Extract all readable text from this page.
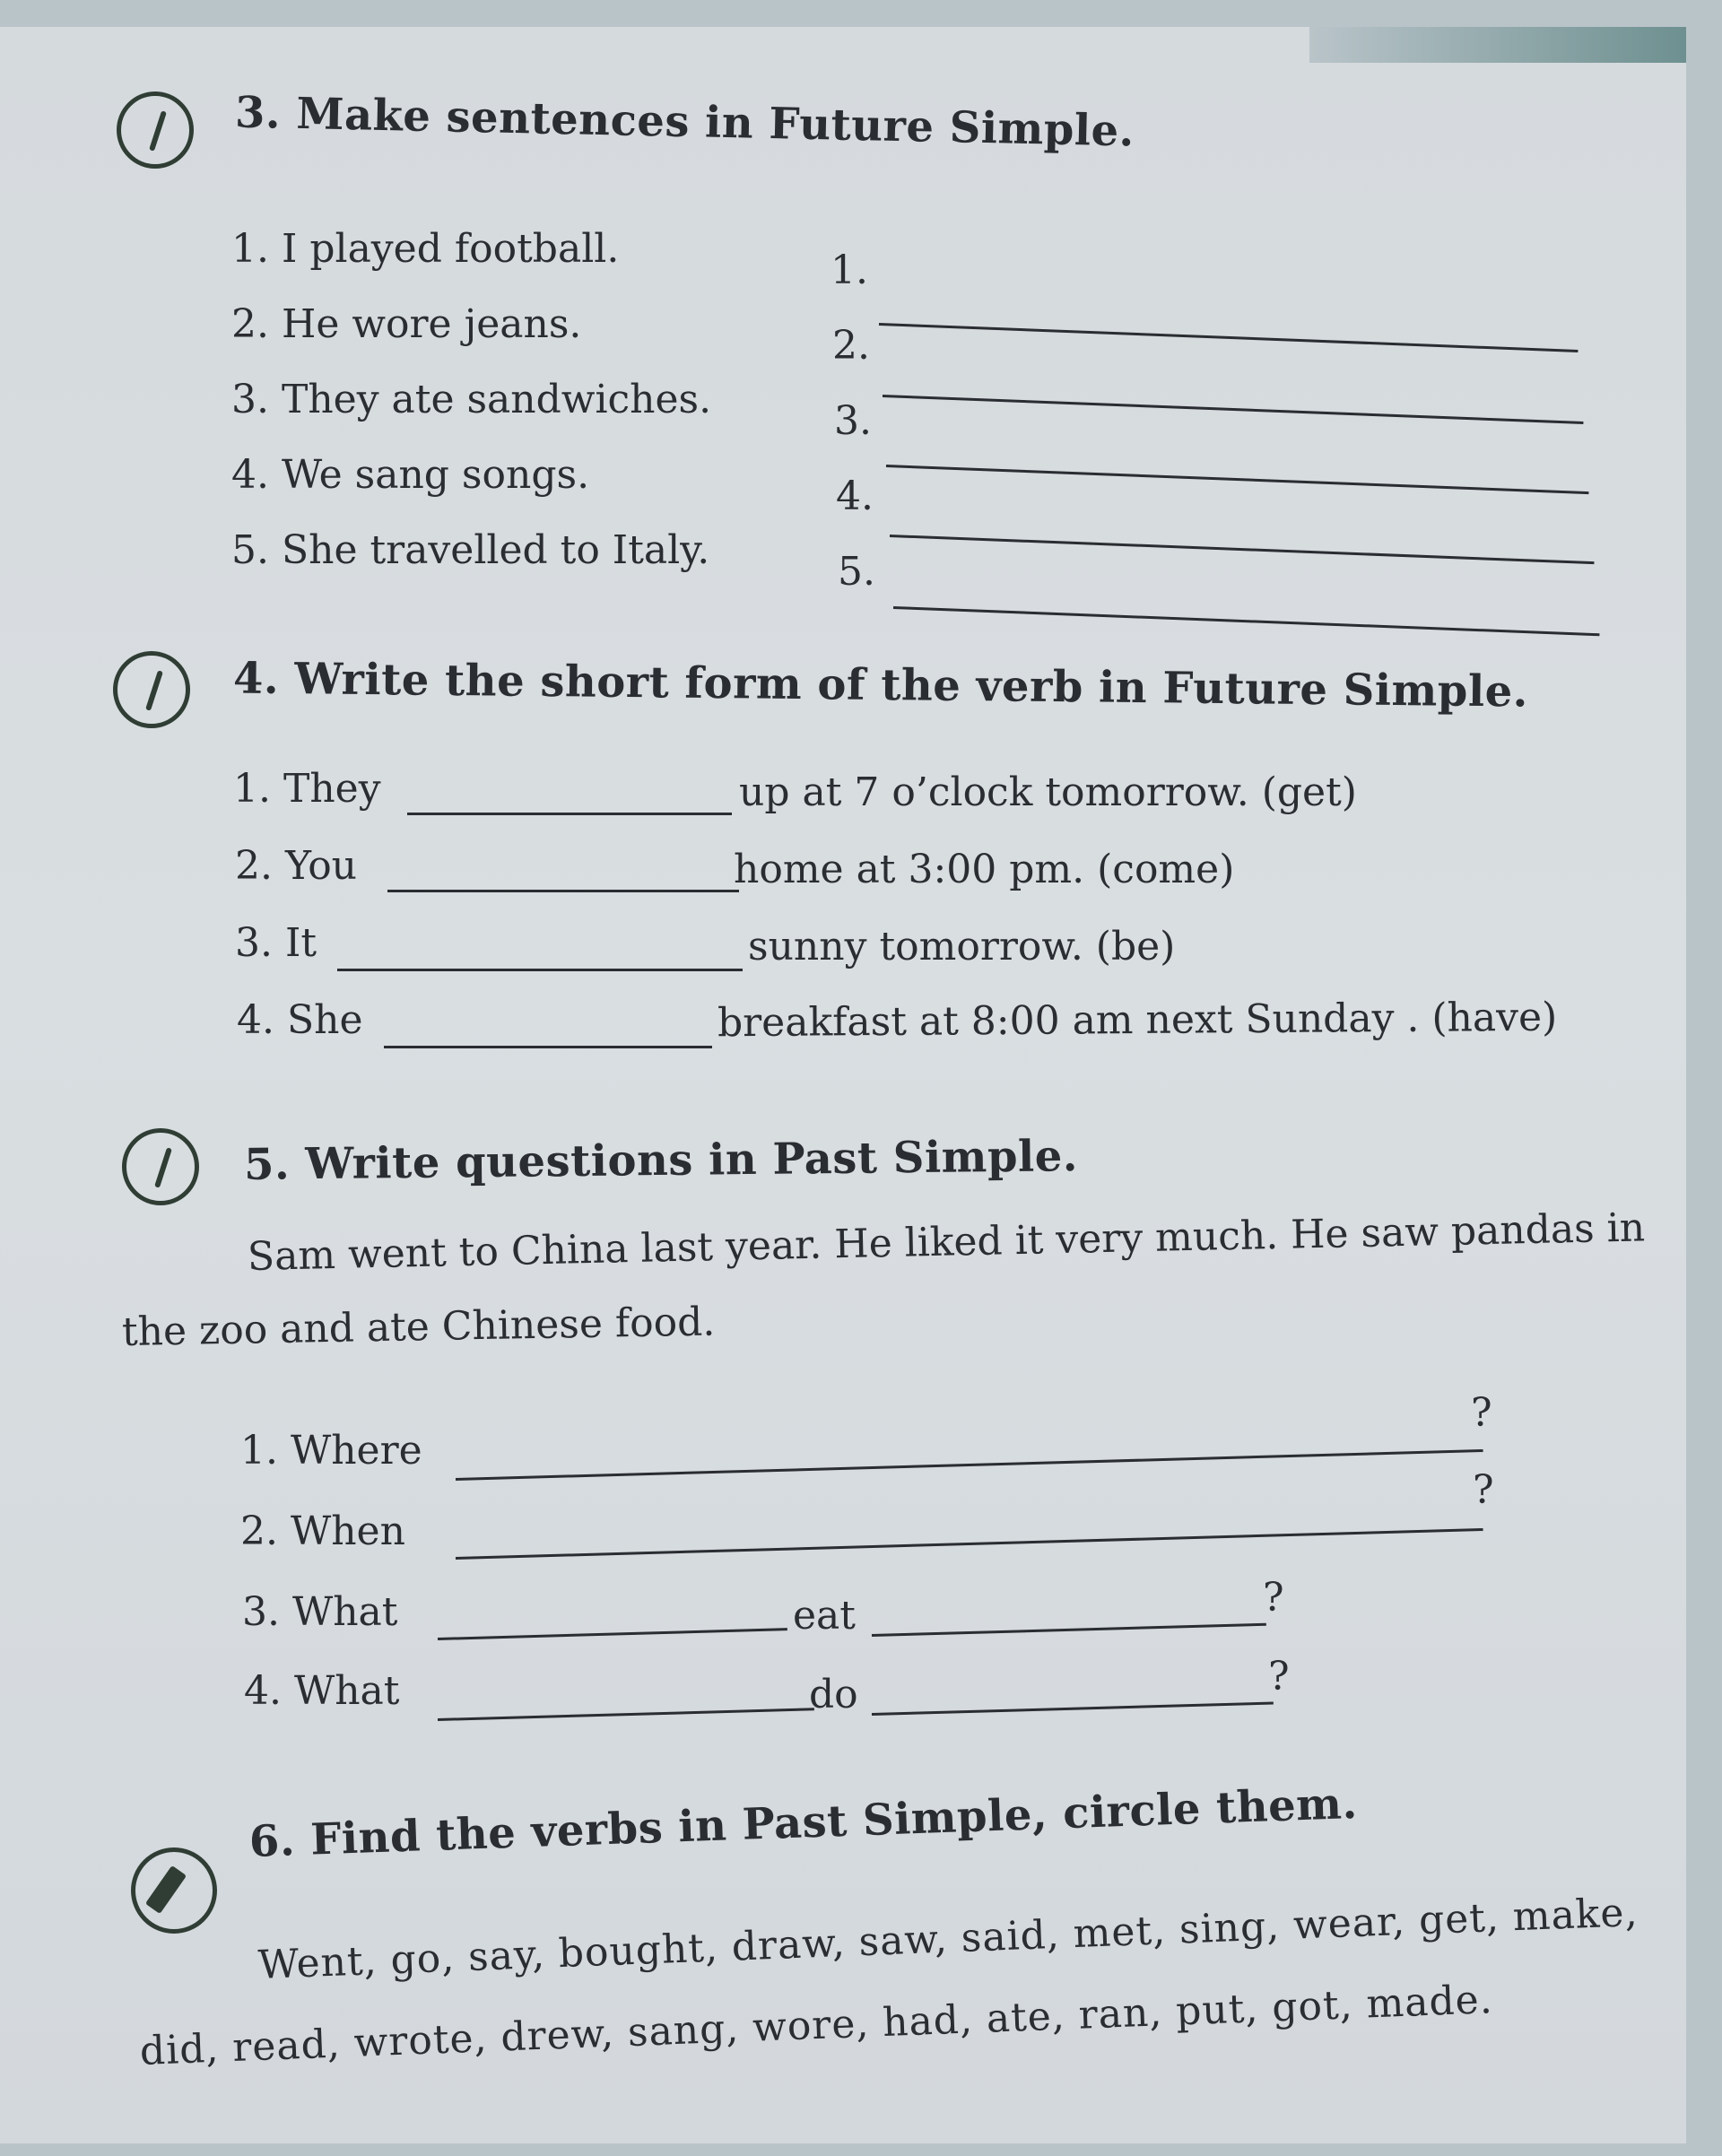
3. Make sentences in Future Simple.
1. I played football.
2. He wore jeans.
3. They ate sandwiches.
4. We sang songs.
5. She travelled to Italy.
1.
2.
3.
4.
5.
4. Write the short form of the verb in Future Simple.
1. They	up at 7 o’clock tomorrow. (get)
2. You	home at 3:00 pm. (come)
3. It	sunny tomorrow. (be)
4. She	breakfast at 8:00 am next Sunday . (have)
5. Write questions in Past Simple.
Sam went to China last year. He liked it very much. He saw pandas in
the zoo and ate Chinese food.
1. Where
?
2. When
?
3. What	eat	?
4. What	do	?
6. Find the verbs in Past Simple, circle them.
Went, go, say, bought, draw, saw, said, met, sing, wear, get, make,
did, read, wrote, drew, sang, wore, had, ate, ran, put, got, made.
